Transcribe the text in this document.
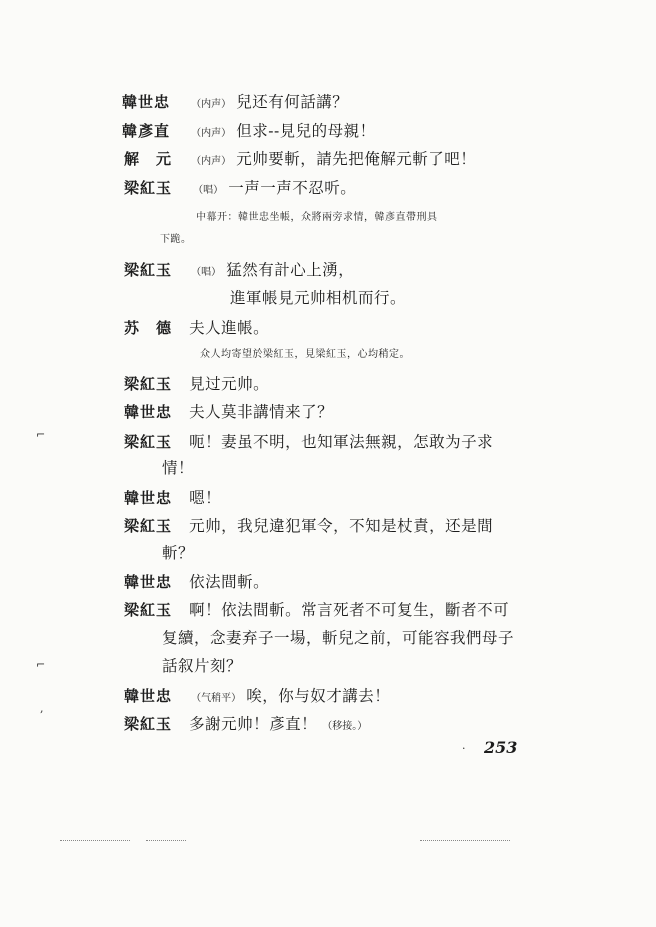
韓世忠 （内声） 兒还有何話講？
韓彥直 （内声） 但求--見兒的母親！
解　元 （内声） 元帅要斬，請先把俺解元斬了吧！
梁紅玉 （唱） 一声一声不忍听。
中幕开：韓世忠坐帳，众將兩旁求情，韓彥直帶刑具
下跪。
梁紅玉 （唱） 猛然有計心上湧，
進軍帳見元帅相机而行。
苏　德 夫人進帳。
众人均寄望於梁紅玉，見梁紅玉，心均稍定。
梁紅玉 見过元帅。
韓世忠 夫人莫非講情来了？
梁紅玉 呃！妻虽不明，也知軍法無親，怎敢为子求
情！
韓世忠 嗯！
梁紅玉 元帅，我兒違犯軍令，不知是杖責，还是間
斬？
韓世忠 依法間斬。
梁紅玉 啊！依法間斬。常言死者不可复生，斷者不可
复續，念妻弃子一場，斬兒之前，可能容我們母子
話叙片刻？
韓世忠 （气稍平） 唉，你与奴才講去！
梁紅玉 多謝元帅！彥直！ （移接。）
· 253
⌐
⌐
,
